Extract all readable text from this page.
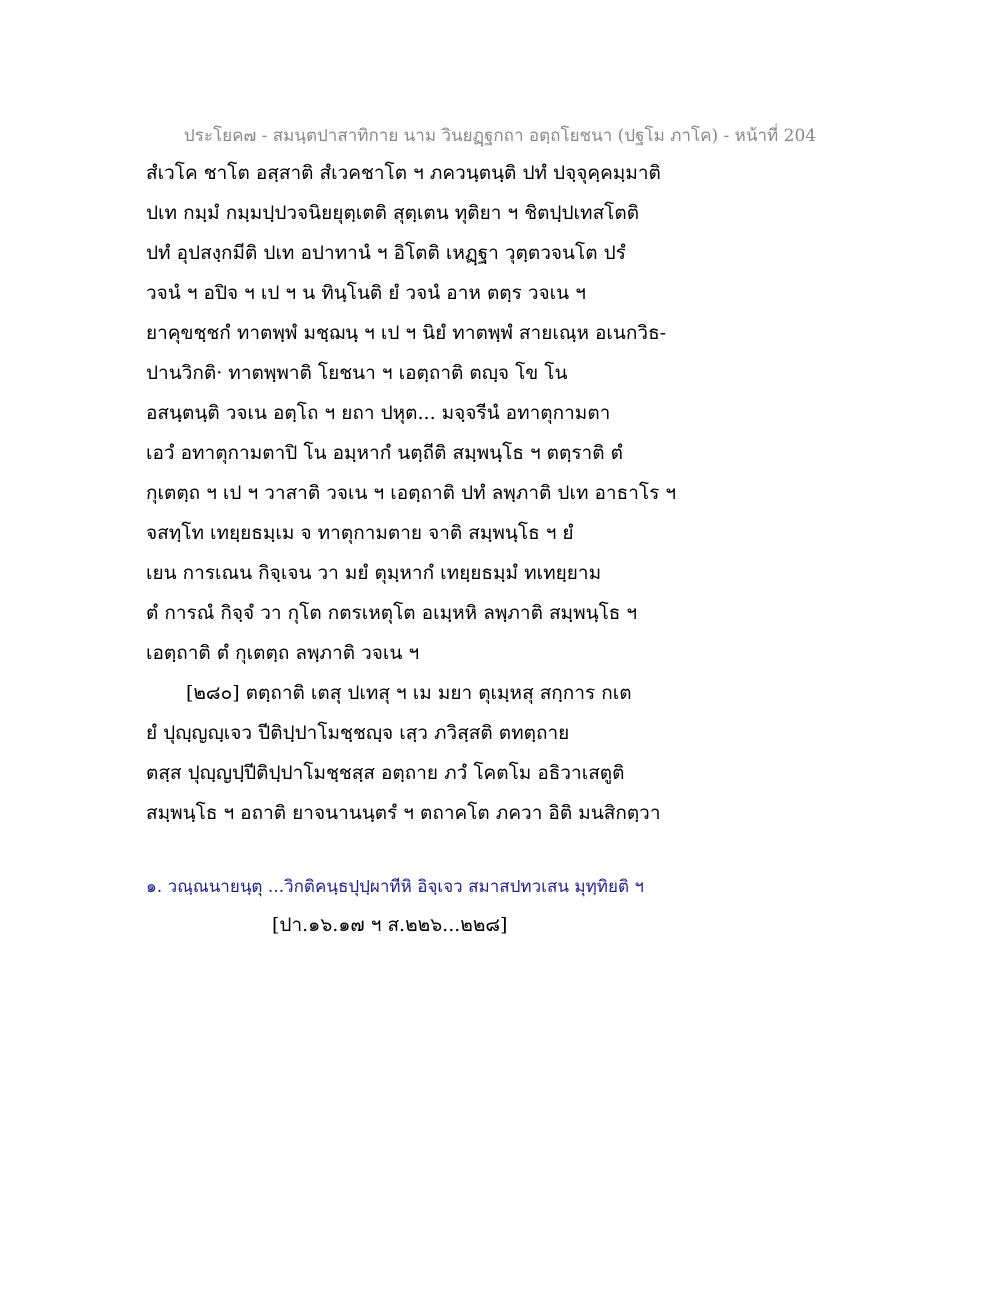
ประโยค๗ - สมนฺตปาสาทิกาย นาม วินยฏฺฐกถา อตฺถโยชนา (ปฐโม ภาโค) - หน้าที่ 204
สํเวโค ชาโต อสฺสาติ สํเวคชาโต ฯ ภควนฺตนฺติ ปทํ ปจฺจุคฺคมฺมาติ
ปเท กมฺมํ กมฺมปฺปวจนิยยุตฺเตติ สุตฺเตน ทุติยา ฯ ชิตปฺปเทสโตติ
ปทํ อุปสงฺกมีติ ปเท อปาทานํ ฯ อิโตติ เหฏฺฐา วุตฺตวจนโต ปรํ
วจนํ ฯ อปิจ ฯ เป ฯ น ทินฺโนติ ยํ วจนํ อาห ตตฺร วจเน ฯ
ยาคุขชฺชกํ ทาตพฺพํ มชฺฌนฺ ฯ เป ฯ นิยํ ทาตพฺพํ สายเณฺห อเนกวิธ-
ปานวิกติ· ทาตพฺพาติ โยชนา ฯ เอตฺถาติ ตญฺจ โข โน
อสนฺตนฺติ วจเน อตฺโถ ฯ ยถา ปหุต... มจฺจรีนํ อทาตุกามตา
เอวํ อทาตุกามตาปิ โน อมฺหากํ นตฺถีติ สมฺพนฺโธ ฯ ตตฺราติ ตํ
กุเตตฺถ ฯ เป ฯ วาสาติ วจเน ฯ เอตฺถาติ ปทํ ลพฺภาติ ปเท อาธาโร ฯ
จสทฺโท เทยฺยธมฺเม จ ทาตุกามตาย จาติ สมฺพนฺโธ ฯ ยํ
เยน การเณน กิจฺเจน วา มยํ ตุมฺหากํ เทยฺยธมฺมํ ทเทยฺยาม
ตํ การณํ กิจฺจํ วา กุโต กตรเหตุโต อเมฺหหิ ลพฺภาติ สมฺพนฺโธ ฯ
เอตฺถาติ ตํ กุเตตฺถ ลพฺภาติ วจเน ฯ
[๒๘๐] ตตฺถาติ เตสุ ปเทสุ ฯ เม มยา ตุเมฺหสุ สกฺการ กเต
ยํ ปุญฺญญฺเจว ปีติปฺปาโมชฺชญฺจ เสฺว ภวิสฺสติ ตทตฺถาย
ตสฺส ปุญฺญปฺปีติปฺปาโมชฺชสฺส อตฺถาย ภวํ โคตโม อธิวาเสตูติ
สมฺพนฺโธ ฯ อถาติ ยาจนานนฺตรํ ฯ ตถาคโต ภควา อิติ มนสิกตฺวา
๑. วณฺณนายนฺตุ ...วิกติคนฺธปุปฺผาทีหิ อิจฺเจว สมาสปทวเสน มุทฺทิยติ ฯ
[ปา.๑๖.๑๗ ฯ ส.๒๒๖...๒๒๘]
